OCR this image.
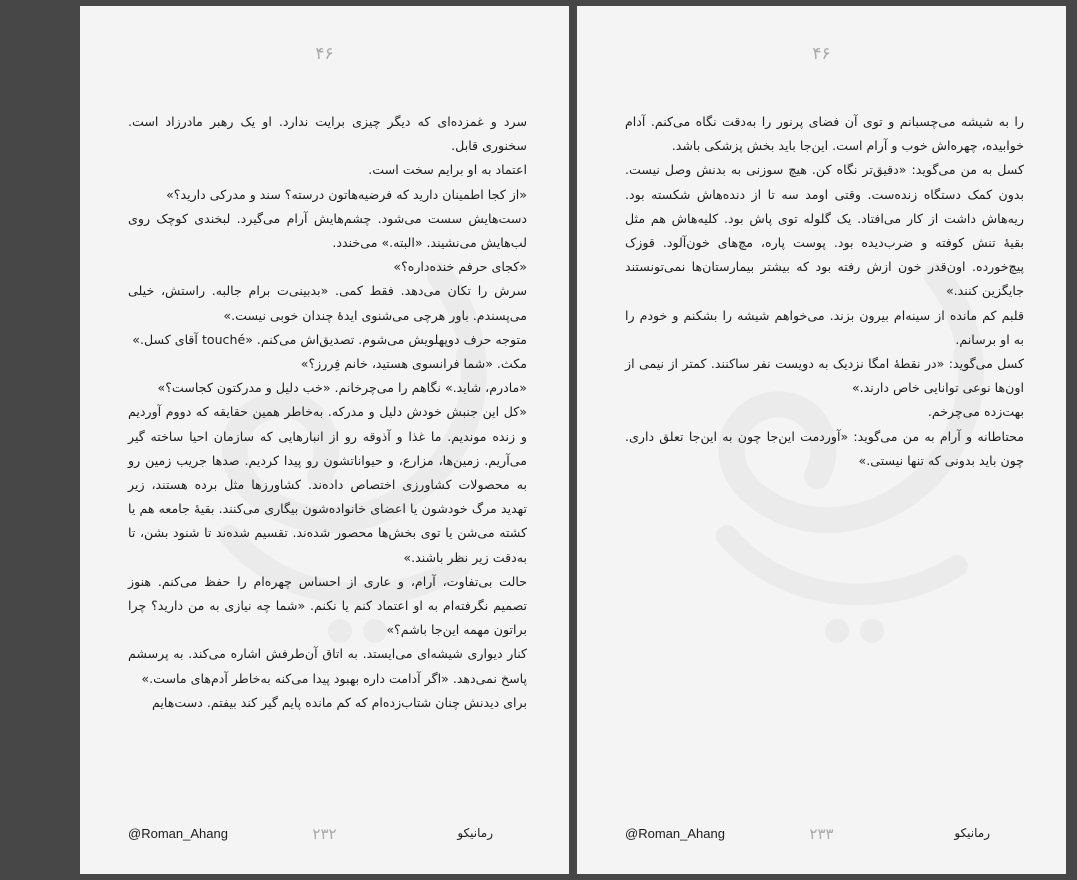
۴۶

سرد و غمزده‌ای که دیگر چیزی برایت ندارد. او یک رهبر مادرزاد است. سخنوری قابل.

اعتماد به او برایم سخت است.

«از کجا اطمینان دارید که فرضیه‌هاتون درسته؟ سند و مدرکی دارید؟»

دست‌هایش سست می‌شود. چشم‌هایش آرام می‌گیرد. لبخندی کوچک روی لب‌هایش می‌نشیند. «البته.» می‌خندد.

«کجای حرفم خنده‌داره؟»

سرش را تکان می‌دهد. فقط کمی. «بدبینی‌ت برام جالبه. راستش، خیلی می‌پسندم. باور هرچی می‌شنوی ایدهٔ چندان خوبی نیست.»

متوجه حرف دوپهلویش می‌شوم. تصدیق‌اش می‌کنم. «touché آقای کسل.»

مکث. «شما فرانسوی هستید، خانم فِررز؟»

«مادرم، شاید.» نگاهم را می‌چرخانم. «خب دلیل و مدرکتون کجاست؟»

«کل این جنبش خودش دلیل و مدرکه. به‌خاطر همین حقایقه که دووم آوردیم و زنده موندیم. ما غذا و آذوقه رو از انبارهایی که سازمان احیا ساخته گیر می‌آریم. زمین‌ها، مزارع، و حیواناتشون رو پیدا کردیم. صدها جریب زمین رو به محصولات کشاورزی اختصاص داده‌ند. کشاورزها مثل برده هستند، زیر تهدید مرگ خودشون یا اعضای خانواده‌شون بیگاری می‌کنند. بقیهٔ جامعه هم یا کشته می‌شن یا توی بخش‌ها محصور شده‌ند. تقسیم شده‌ند تا شنود بشن، تا به‌دقت زیر نظر باشند.»

حالت بی‌تفاوت، آرام، و عاری از احساس چهره‌ام را حفظ می‌کنم. هنوز تصمیم نگرفته‌ام به او اعتماد کنم یا نکنم. «شما چه نیازی به من دارید؟ چرا براتون مهمه این‌جا باشم؟»

کنار دیواری شیشه‌ای می‌ایستد. به اتاق آن‌طرفش اشاره می‌کند. به پرسشم پاسخ نمی‌دهد. «اگر آدامت داره بهبود پیدا می‌کنه به‌خاطر آدم‌های ماست.»

برای دیدنش چنان شتاب‌زده‌ام که کم مانده پایم گیر کند بیفتم. دست‌هایم

@Roman_Ahang	۲۳۲	رمانیکو
۴۶

را به شیشه می‌چسبانم و توی آن فضای پرنور را به‌دقت نگاه می‌کنم. آدام خوابیده، چهره‌اش خوب و آرام است. این‌جا باید بخش پزشکی باشد.

کسل به من می‌گوید: «دقیق‌تر نگاه کن. هیچ سوزنی به بدنش وصل نیست. بدون کمک دستگاه زنده‌ست. وقتی اومد سه تا از دنده‌هاش شکسته بود. ریه‌هاش داشت از کار می‌افتاد. یک گلوله توی پاش بود. کلیه‌هاش هم مثل بقیهٔ تنش کوفته و ضرب‌دیده بود. پوست پاره، مچ‌های خون‌آلود. قوزک پیچ‌خورده. اون‌قدر خون ازش رفته بود که بیشتر بیمارستان‌ها نمی‌تونستند جایگزین کنند.»

قلبم کم مانده از سینه‌ام بیرون بزند. می‌خواهم شیشه را بشکنم و خودم را به او برسانم.

کسل می‌گوید: «در نقطهٔ امگا نزدیک به دویست نفر ساکنند. کمتر از نیمی از اون‌ها نوعی توانایی خاص دارند.»

بهت‌زده می‌چرخم.

محتاطانه و آرام به من می‌گوید: «آوردمت این‌جا چون به این‌جا تعلق داری. چون باید بدونی که تنها نیستی.»

@Roman_Ahang	۲۳۳	رمانیکو
